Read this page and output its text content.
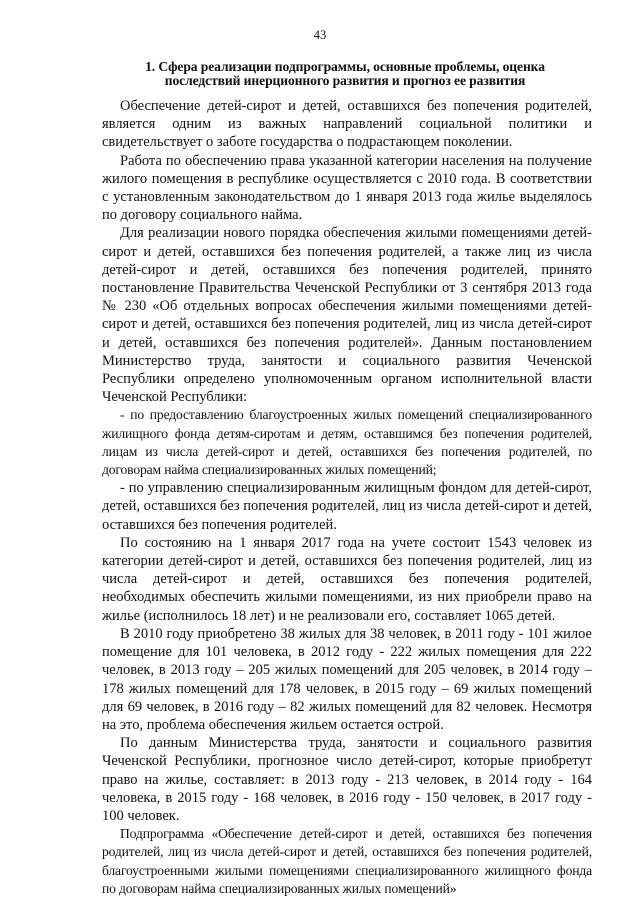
43
1. Сфера реализации подпрограммы, основные проблемы, оценка последствий инерционного развития и прогноз ее развития

Обеспечение детей-сирот и детей, оставшихся без попечения родителей, является одним из важных направлений социальной политики и свидетельствует о заботе государства о подрастающем поколении.

Работа по обеспечению права указанной категории населения на получение жилого помещения в республике осуществляется с 2010 года. В соответствии с установленным законодательством до 1 января 2013 года жилье выделялось по договору социального найма.

Для реализации нового порядка обеспечения жилыми помещениями детей-сирот и детей, оставшихся без попечения родителей, а также лиц из числа детей-сирот и детей, оставшихся без попечения родителей, принято постановление Правительства Чеченской Республики от 3 сентября 2013 года № 230 «Об отдельных вопросах обеспечения жилыми помещениями детей-сирот и детей, оставшихся без попечения родителей, лиц из числа детей-сирот и детей, оставшихся без попечения родителей». Данным постановлением Министерство труда, занятости и социального развития Чеченской Республики определено уполномоченным органом исполнительной власти Чеченской Республики:

- по предоставлению благоустроенных жилых помещений специализированного жилищного фонда детям-сиротам и детям, оставшимся без попечения родителей, лицам из числа детей-сирот и детей, оставшихся без попечения родителей, по договорам найма специализированных жилых помещений;

- по управлению специализированным жилищным фондом для детей-сирот, детей, оставшихся без попечения родителей, лиц из числа детей-сирот и детей, оставшихся без попечения родителей.

По состоянию на 1 января 2017 года на учете состоит 1543 человек из категории детей-сирот и детей, оставшихся без попечения родителей, лиц из числа детей-сирот и детей, оставшихся без попечения родителей, необходимых обеспечить жилыми помещениями, из них приобрели право на жилье (исполнилось 18 лет) и не реализовали его, составляет 1065 детей.

В 2010 году приобретено 38 жилых для 38 человек, в 2011 году - 101 жилое помещение для 101 человека, в 2012 году - 222 жилых помещения для 222 человек, в 2013 году – 205 жилых помещений для 205 человек, в 2014 году –178 жилых помещений для 178 человек, в 2015 году – 69 жилых помещений для 69 человек, в 2016 году – 82 жилых помещений для 82 человек. Несмотря на это, проблема обеспечения жильем остается острой.

По данным Министерства труда, занятости и социального развития Чеченской Республики, прогнозное число детей-сирот, которые приобретут право на жилье, составляет: в 2013 году - 213 человек, в 2014 году - 164 человека, в 2015 году - 168 человек, в 2016 году - 150 человек, в 2017 году - 100 человек.

Подпрограмма «Обеспечение детей-сирот и детей, оставшихся без попечения родителей, лиц из числа детей-сирот и детей, оставшихся без попечения родителей, благоустроенными жилыми помещениями специализированного жилищного фонда по договорам найма специализированных жилых помещений»
